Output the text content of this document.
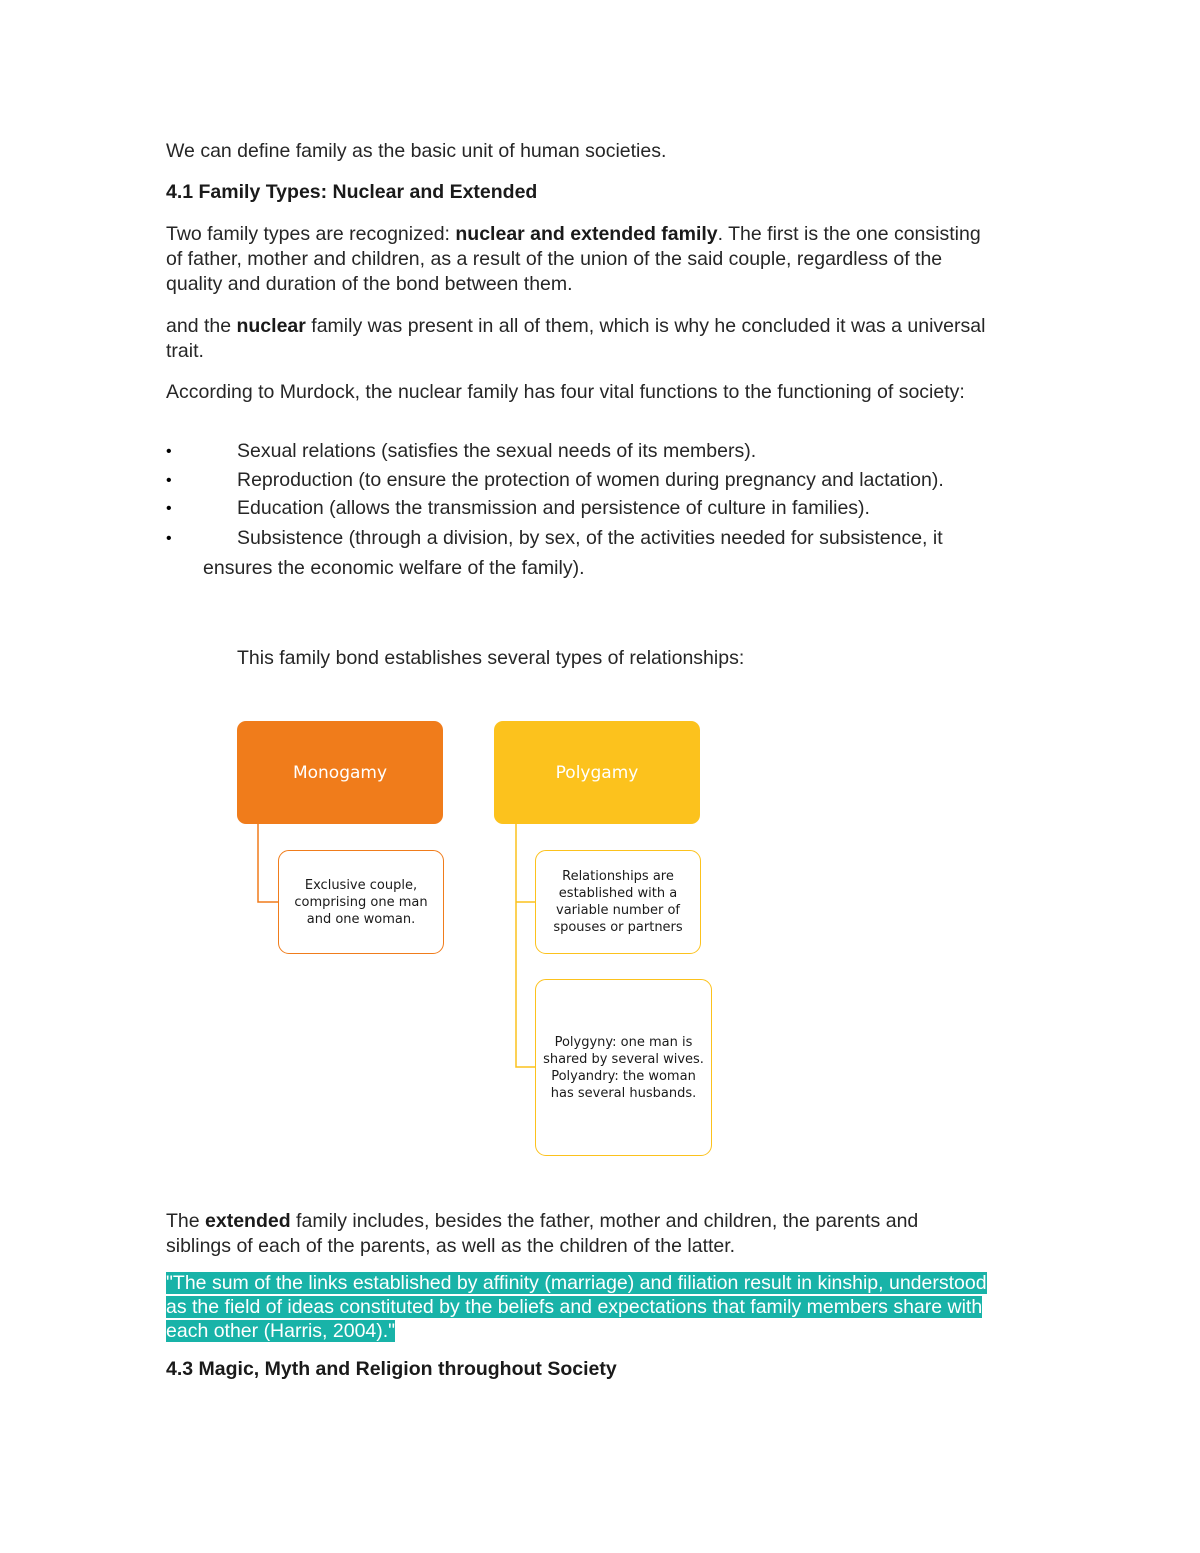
We can define family as the basic unit of human societies.

4.1 Family Types: Nuclear and Extended

Two family types are recognized: nuclear and extended family. The first is the one consisting
of father, mother and children, as a result of the union of the said couple, regardless of the
quality and duration of the bond between them.
and the nuclear family was present in all of them, which is why he concluded it was a universal
trait.

According to Murdock, the nuclear family has four vital functions to the functioning of society:

•	Sexual relations (satisfies the sexual needs of its members).
•	Reproduction (to ensure the protection of women during pregnancy and lactation).
•	Education (allows the transmission and persistence of culture in families).
•	Subsistence (through a division, by sex, of the activities needed for subsistence, it
ensures the economic welfare of the family).

This family bond establishes several types of relationships:

The extended family includes, besides the father, mother and children, the parents and
siblings of each of the parents, as well as the children of the latter.
"The sum of the links established by affinity (marriage) and filiation result in kinship, understood
as the field of ideas constituted by the beliefs and expectations that family members share with
each other (Harris, 2004)."

4.3 Magic, Myth and Religion throughout Society

Monogamy	Polygamy
Exclusive couple, comprising one man and one woman.
Relationships are established with a variable number of spouses or partners
Polygyny: one man is shared by several wives. Polyandry: the woman has several husbands.
